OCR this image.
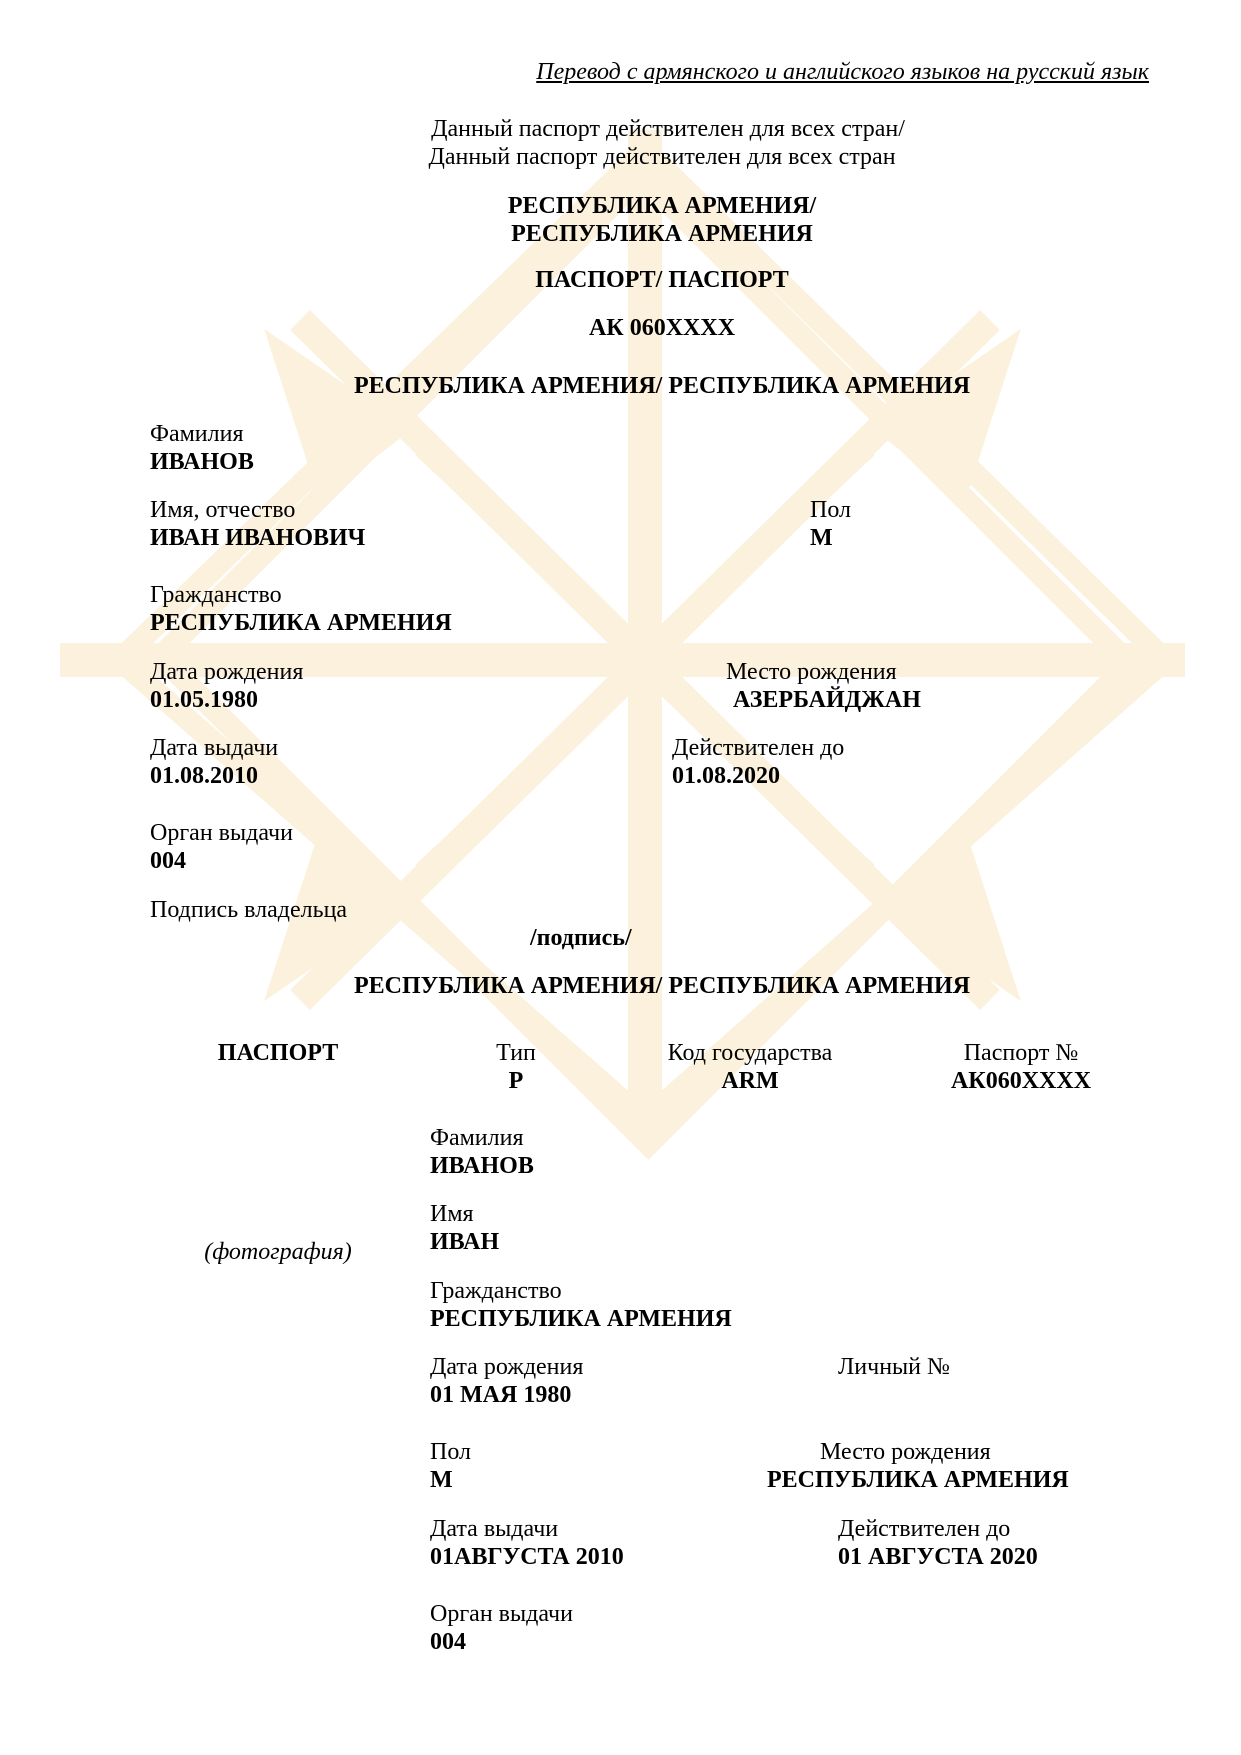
Перевод с армянского и английского языков на русский язык
Данный паспорт действителен для всех стран/
Данный паспорт действителен для всех стран
РЕСПУБЛИКА АРМЕНИЯ/
РЕСПУБЛИКА АРМЕНИЯ
ПАСПОРТ/ ПАСПОРТ
АК 060XXXX
РЕСПУБЛИКА АРМЕНИЯ/ РЕСПУБЛИКА АРМЕНИЯ
Фамилия
ИВАНОВ
Имя, отчество
ИВАН ИВАНОВИЧ
Пол
М
Гражданство
РЕСПУБЛИКА АРМЕНИЯ
Дата рождения
01.05.1980
Место рождения
АЗЕРБАЙДЖАН
Дата выдачи
01.08.2010
Действителен до
01.08.2020
Орган выдачи
004
Подпись владельца
/подпись/
РЕСПУБЛИКА АРМЕНИЯ/ РЕСПУБЛИКА АРМЕНИЯ
ПАСПОРТ	Тип
P
Код государства
ARM
Паспорт №
АК060XXXX
(фотография)
Фамилия
ИВАНОВ
Имя
ИВАН
Гражданство
РЕСПУБЛИКА АРМЕНИЯ
Дата рождения
01 МАЯ 1980
Личный №
Пол
М
Место рождения
РЕСПУБЛИКА АРМЕНИЯ
Дата выдачи
01АВГУСТА 2010
Действителен до
01 АВГУСТА 2020
Орган выдачи
004
